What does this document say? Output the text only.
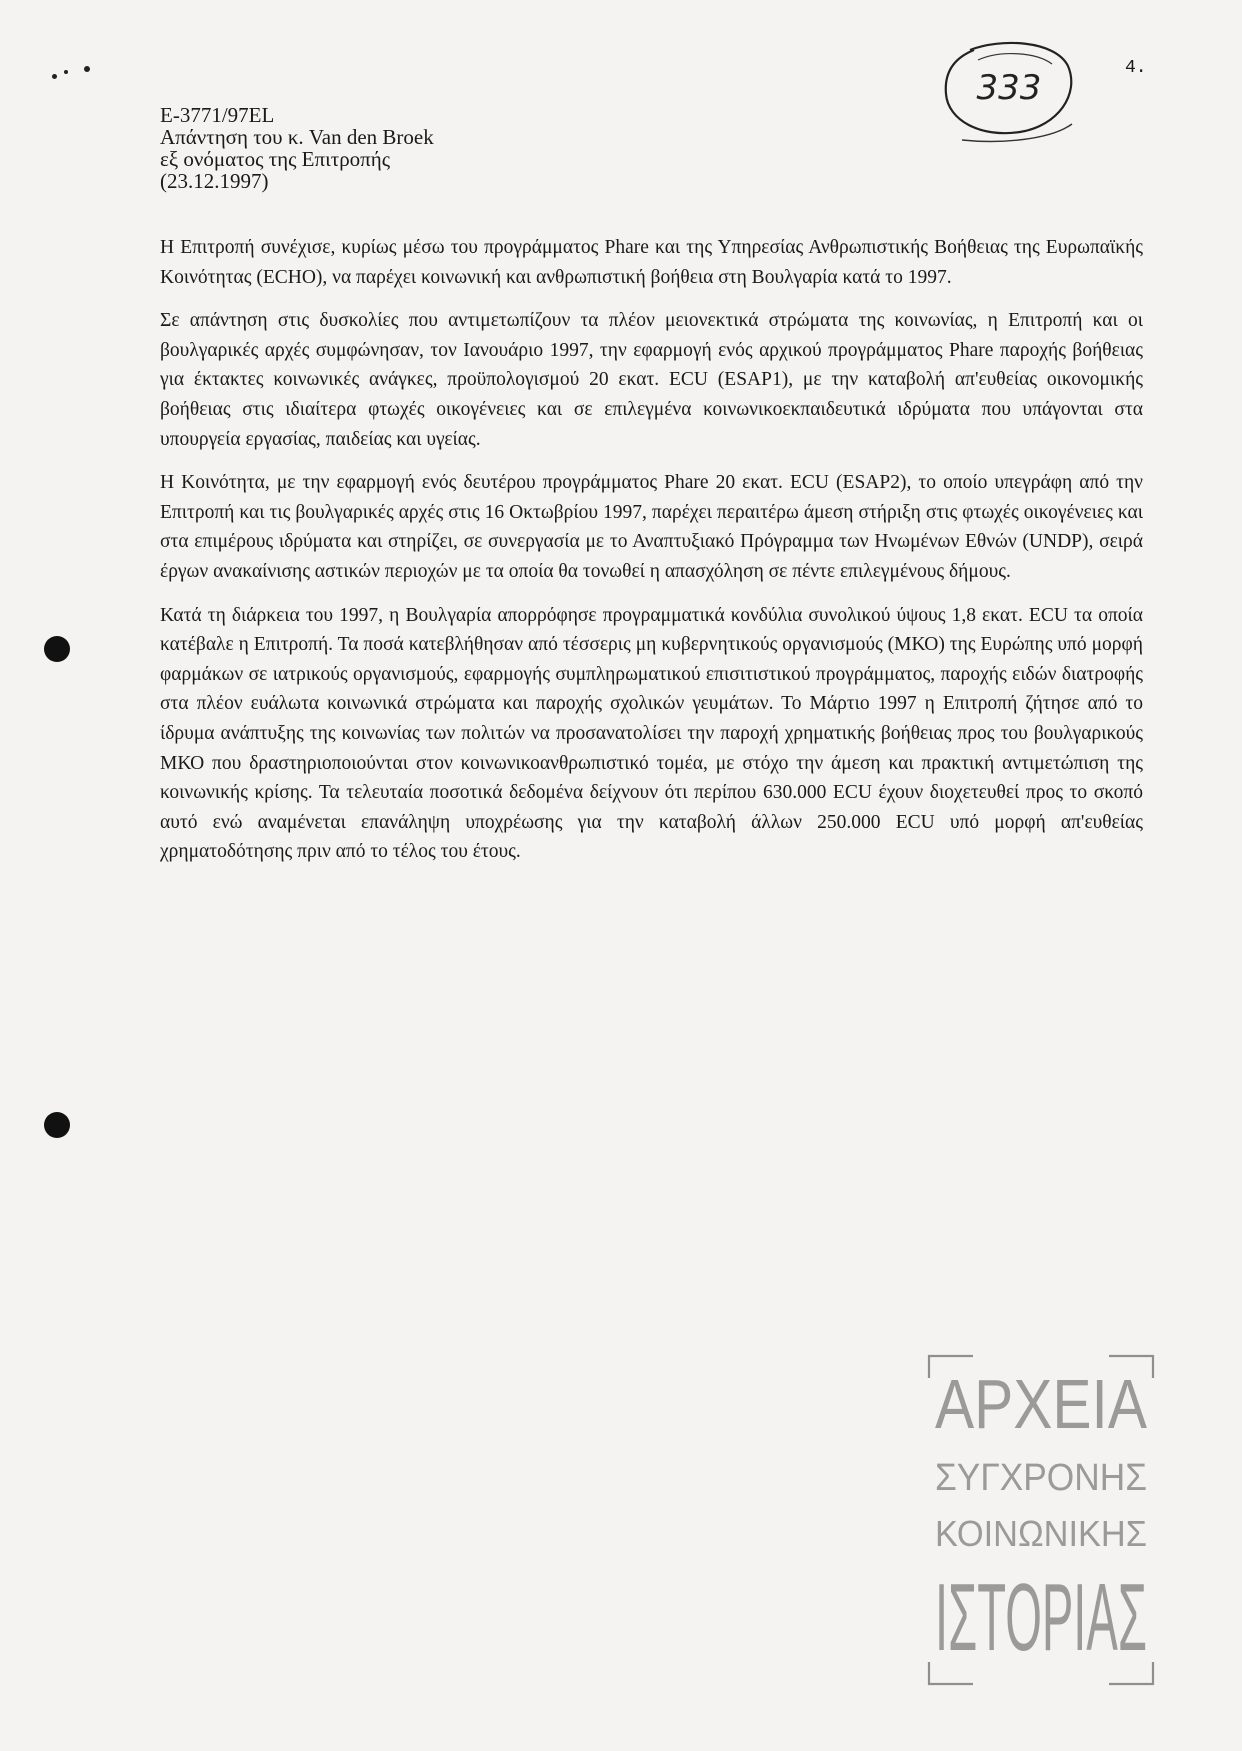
E-3771/97EL
Απάντηση του κ. Van den Broek
εξ ονόματος της Επιτροπής
(23.12.1997)
333	4.

Η Επιτροπή συνέχισε, κυρίως μέσω του προγράμματος Phare και της Υπηρεσίας Ανθρωπιστικής Βοήθειας της Ευρωπαϊκής Κοινότητας (ECHO), να παρέχει κοινωνική και ανθρωπιστική βοήθεια στη Βουλγαρία κατά το 1997.

Σε απάντηση στις δυσκολίες που αντιμετωπίζουν τα πλέον μειονεκτικά στρώματα της κοινωνίας, η Επιτροπή και οι βουλγαρικές αρχές συμφώνησαν, τον Ιανουάριο 1997, την εφαρμογή ενός αρχικού προγράμματος Phare παροχής βοήθειας για έκτακτες κοινωνικές ανάγκες, προϋπολογισμού 20 εκατ. ECU (ESAP1), με την καταβολή απ'ευθείας οικονομικής βοήθειας στις ιδιαίτερα φτωχές οικογένειες και σε επιλεγμένα κοινωνικοεκπαιδευτικά ιδρύματα που υπάγονται στα υπουργεία εργασίας, παιδείας και υγείας.

Η Κοινότητα, με την εφαρμογή ενός δευτέρου προγράμματος Phare 20 εκατ. ECU (ESAP2), το οποίο υπεγράφη από την Επιτροπή και τις βουλγαρικές αρχές στις 16 Οκτωβρίου 1997, παρέχει περαιτέρω άμεση στήριξη στις φτωχές οικογένειες και στα επιμέρους ιδρύματα και στηρίζει, σε συνεργασία με το Αναπτυξιακό Πρόγραμμα των Ηνωμένων Εθνών (UNDP), σειρά έργων ανακαίνισης αστικών περιοχών με τα οποία θα τονωθεί η απασχόληση σε πέντε επιλεγμένους δήμους.

Κατά τη διάρκεια του 1997, η Βουλγαρία απορρόφησε προγραμματικά κονδύλια συνολικού ύψους 1,8 εκατ. ECU τα οποία κατέβαλε η Επιτροπή. Τα ποσά κατεβλήθησαν από τέσσερις μη κυβερνητικούς οργανισμούς (ΜΚΟ) της Ευρώπης υπό μορφή φαρμάκων σε ιατρικούς οργανισμούς, εφαρμογής συμπληρωματικού επισιτιστικού προγράμματος, παροχής ειδών διατροφής στα πλέον ευάλωτα κοινωνικά στρώματα και παροχής σχολικών γευμάτων. Το Μάρτιο 1997 η Επιτροπή ζήτησε από το ίδρυμα ανάπτυξης της κοινωνίας των πολιτών να προσανατολίσει την παροχή χρηματικής βοήθειας προς του βουλγαρικούς ΜΚΟ που δραστηριοποιούνται στον κοινωνικοανθρωπιστικό τομέα, με στόχο την άμεση και πρακτική αντιμετώπιση της κοινωνικής κρίσης. Τα τελευταία ποσοτικά δεδομένα δείχνουν ότι περίπου 630.000 ECU έχουν διοχετευθεί προς το σκοπό αυτό ενώ αναμένεται επανάληψη υποχρέωσης για την καταβολή άλλων 250.000 ECU υπό μορφή απ'ευθείας χρηματοδότησης πριν από το τέλος του έτους.

ΑΡΧΕΙΑ
ΣΥΓΧΡΟΝΗΣ
ΚΟΙΝΩΝΙΚΗΣ
ΙΣΤΟΡΙΑΣ
